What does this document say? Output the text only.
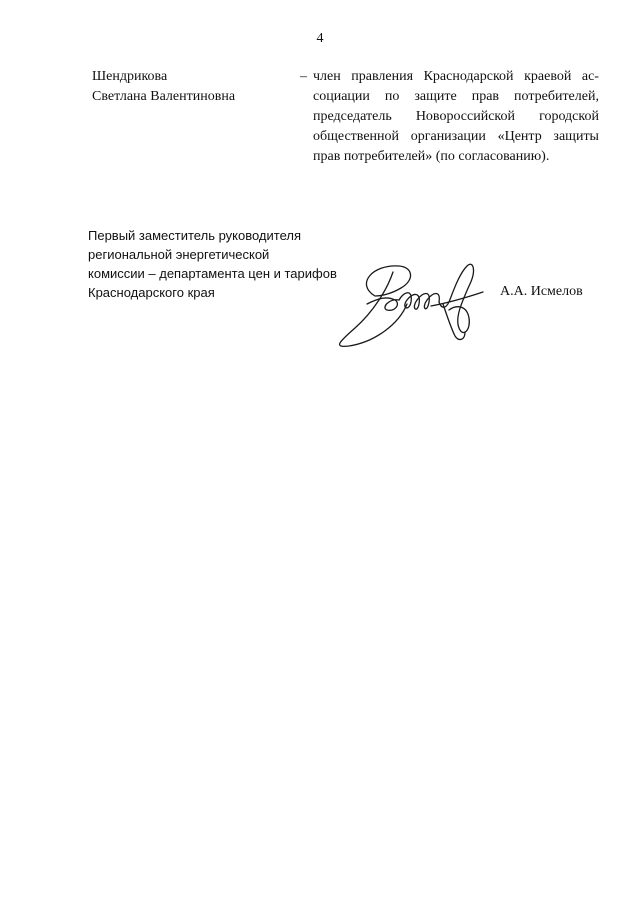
4
Шендрикова
Светлана Валентиновна
– член правления Краснодарской краевой ас-
социации по защите прав потребителей,
председатель Новороссийской городской
общественной организации «Центр защиты
прав потребителей» (по согласованию).
Первый заместитель руководителя
региональной энергетической
комиссии – департамента цен и тарифов
Краснодарского края	А.А. Исмелов
